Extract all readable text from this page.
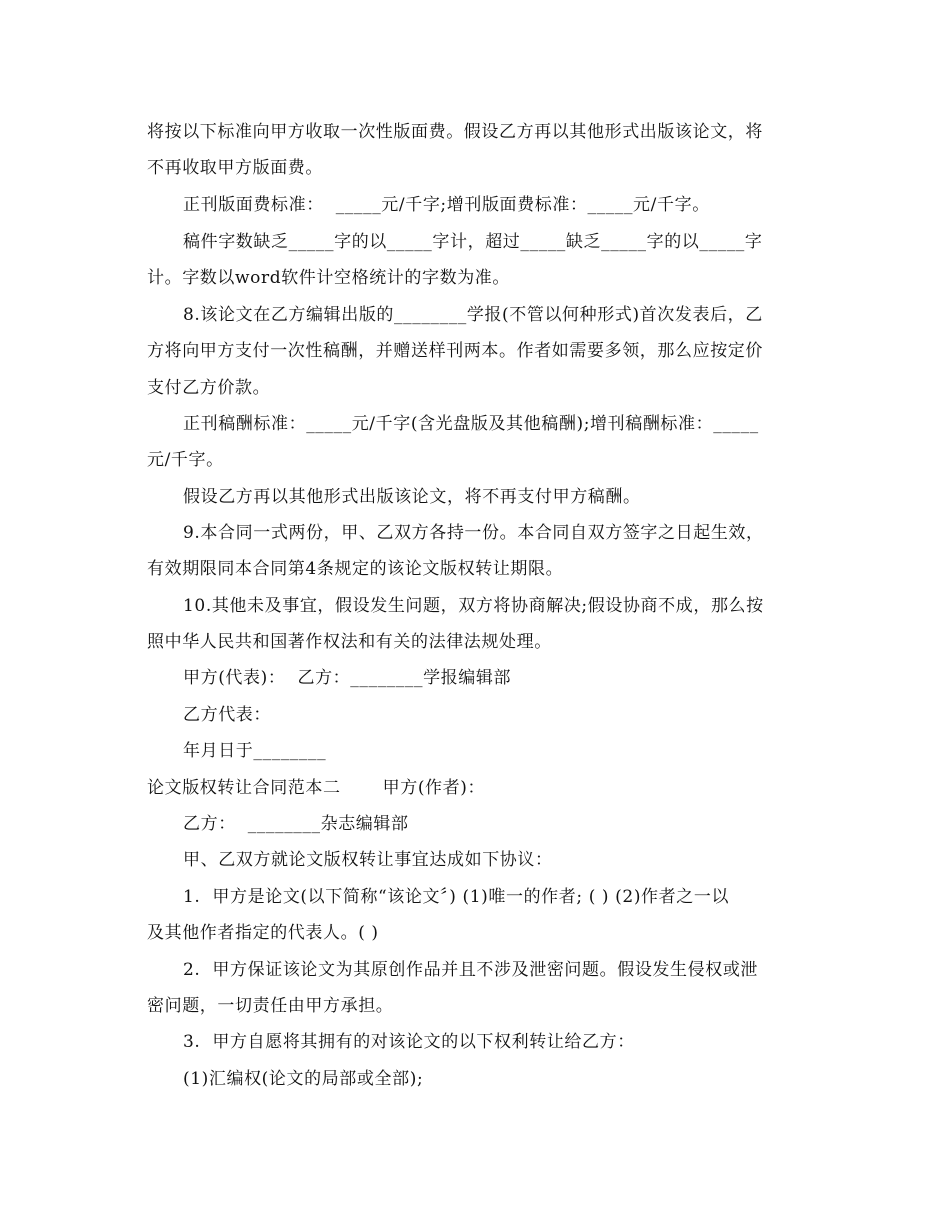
将按以下标准向甲方收取一次性版面费。假设乙方再以其他形式出版该论文，将
不再收取甲方版面费。
正刊版面费标准：  _____元/千字;增刊版面费标准：_____元/千字。
稿件字数缺乏_____字的以_____字计，超过_____缺乏_____字的以_____字
计。字数以word软件计空格统计的字数为准。
8.该论文在乙方编辑出版的________学报(不管以何种形式)首次发表后，乙
方将向甲方支付一次性稿酬，并赠送样刊两本。作者如需要多领，那么应按定价
支付乙方价款。
正刊稿酬标准：_____元/千字(含光盘版及其他稿酬);增刊稿酬标准：_____
元/千字。
假设乙方再以其他形式出版该论文，将不再支付甲方稿酬。
9.本合同一式两份，甲、乙双方各持一份。本合同自双方签字之日起生效，
有效期限同本合同第4条规定的该论文版权转让期限。
10.其他未及事宜，假设发生问题，双方将协商解决;假设协商不成，那么按
照中华人民共和国著作权法和有关的法律法规处理。
甲方(代表)：  乙方：________学报编辑部
乙方代表：
年月日于________
论文版权转让合同范本二       甲方(作者)：
乙方：  ________杂志编辑部
甲、乙双方就论文版权转让事宜达成如下协议：
1.  甲方是论文(以下简称“该论文〞) (1)唯一的作者; ( ) (2)作者之一以
及其他作者指定的代表人。( )
2.  甲方保证该论文为其原创作品并且不涉及泄密问题。假设发生侵权或泄
密问题，一切责任由甲方承担。
3.  甲方自愿将其拥有的对该论文的以下权利转让给乙方：
(1)汇编权(论文的局部或全部);
